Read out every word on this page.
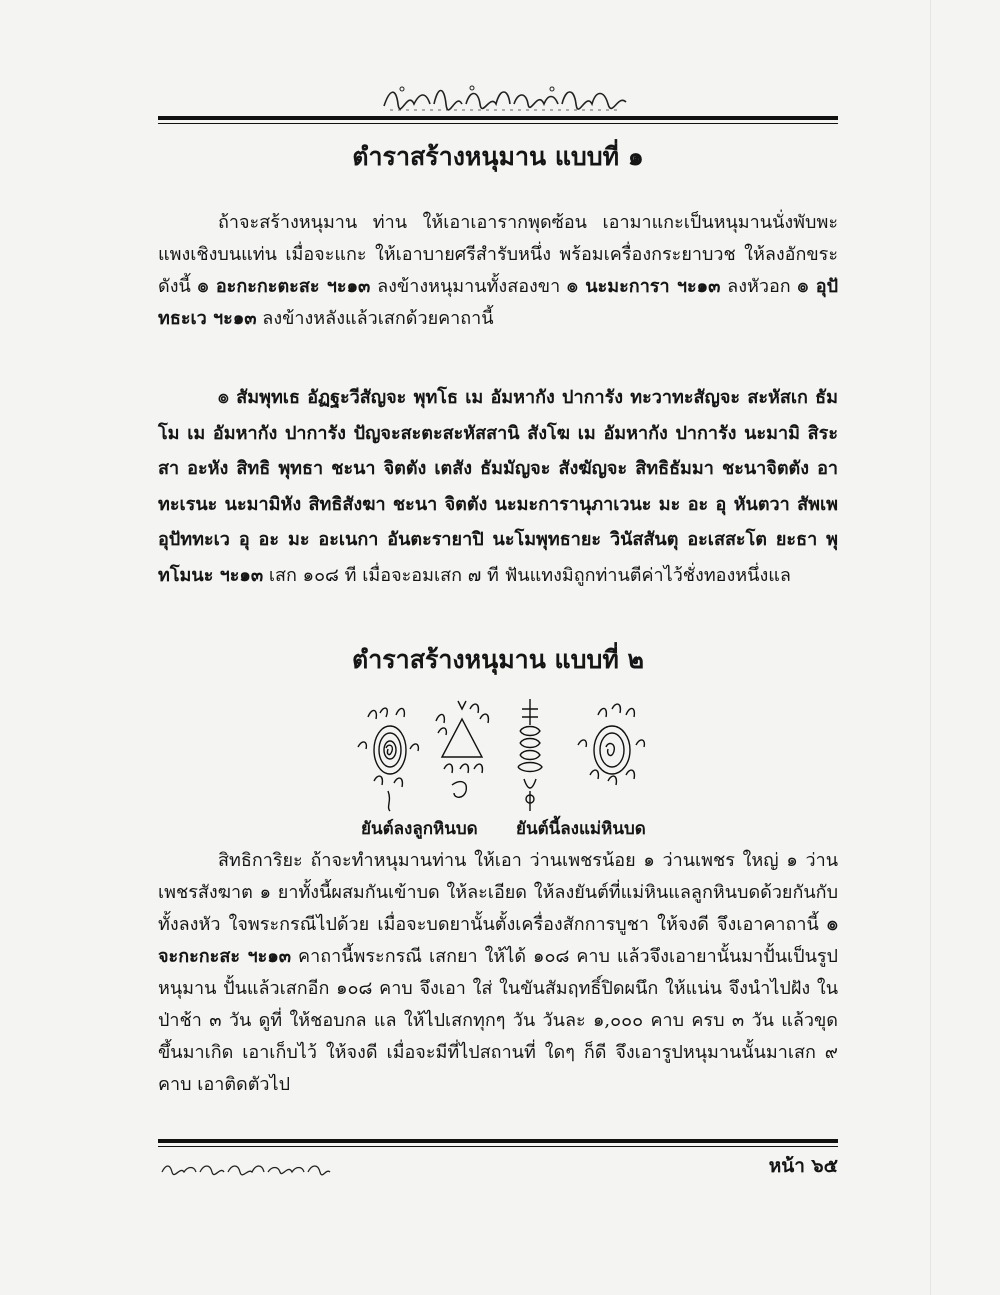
ตำราสร้างหนุมาน แบบที่ ๑

ถ้าจะสร้างหนุมาน ท่าน ให้เอาเอารากพุดซ้อน เอามาแกะเป็นหนุมานนั่งพับพะแพงเชิงบนแท่น เมื่อจะแกะ ให้เอาบายศรีสำรับหนึ่ง พร้อมเครื่องกระยาบวช ให้ลงอักขระดังนี้ ๏ อะกะกะตะสะ ฯะ๑๓ ลงข้างหนุมานทั้งสองขา ๏ นะมะการา ฯะ๑๓ ลงหัวอก ๏ อุปัทธะเว ฯะ๑๓ ลงข้างหลังแล้วเสกด้วยคาถานี้

๏ สัมพุทเธ อัฏฐะวีสัญจะ พุทโธ เม อัมหากัง ปาการัง ทะวาทะสัญจะ สะหัสเก ธัมโม เม อัมหากัง ปาการัง ปัญจะสะตะสะหัสสานิ สังโฆ เม อัมหากัง ปาการัง นะมามิ สิระสา อะหัง สิทธิ พุทธา ชะนา จิตตัง เตสัง ธัมมัญจะ สังฆัญจะ สิทธิธัมมา ชะนาจิตตัง อาทะเรนะ นะมามิหัง สิทธิสังฆา ชะนา จิตตัง นะมะการานุภาเวนะ มะ อะ อุ หันตวา สัพเพ อุปัททะเว อุ อะ มะ อะเนกา อันตะรายาปิ นะโมพุทธายะ วินัสสันตุ อะเสสะโต ยะธา พุทโมนะ ฯะ๑๓ เสก ๑๐๘ ที เมื่อจะอมเสก ๗ ที ฟันแทงมิถูกท่านตีค่าไว้ชั่งทองหนึ่งแล

ตำราสร้างหนุมาน แบบที่ ๒
ยันต์ลงลูกหินบด ยันต์นี้ลงแม่หินบด

สิทธิการิยะ ถ้าจะทำหนุมานท่าน ให้เอา ว่านเพชรน้อย ๑ ว่านเพชร ใหญ่ ๑ ว่านเพชรสังฆาต ๑ ยาทั้งนี้ผสมกันเข้าบด ให้ละเอียด ให้ลงยันต์ที่แม่หินแลลูกหินบดด้วยกันกับทั้งลงหัว ใจพระกรณีไปด้วย เมื่อจะบดยานั้นตั้งเครื่องสักการบูชา ให้จงดี จึงเอาคาถานี้ ๏ จะกะกะสะ ฯะ๑๓ คาถานี้พระกรณี เสกยา ให้ได้ ๑๐๘ คาบ แล้วจึงเอายานั้นมาปั้นเป็นรูปหนุมาน ปั้นแล้วเสกอีก ๑๐๘ คาบ จึงเอา ใส่ ในขันสัมฤทธิ์ปิดผนึก ให้แน่น จึงนำไปฝัง ในป่าช้า ๓ วัน ดูที่ ให้ชอบกล แล ให้ไปเสกทุกๆ วัน วันละ ๑,๐๐๐ คาบ ครบ ๓ วัน แล้วขุดขึ้นมาเกิด เอาเก็บไว้ ให้จงดี เมื่อจะมีที่ไปสถานที่ ใดๆ ก็ดี จึงเอารูปหนุมานนั้นมาเสก ๙ คาบ เอาติดตัวไป

หน้า ๖๕
